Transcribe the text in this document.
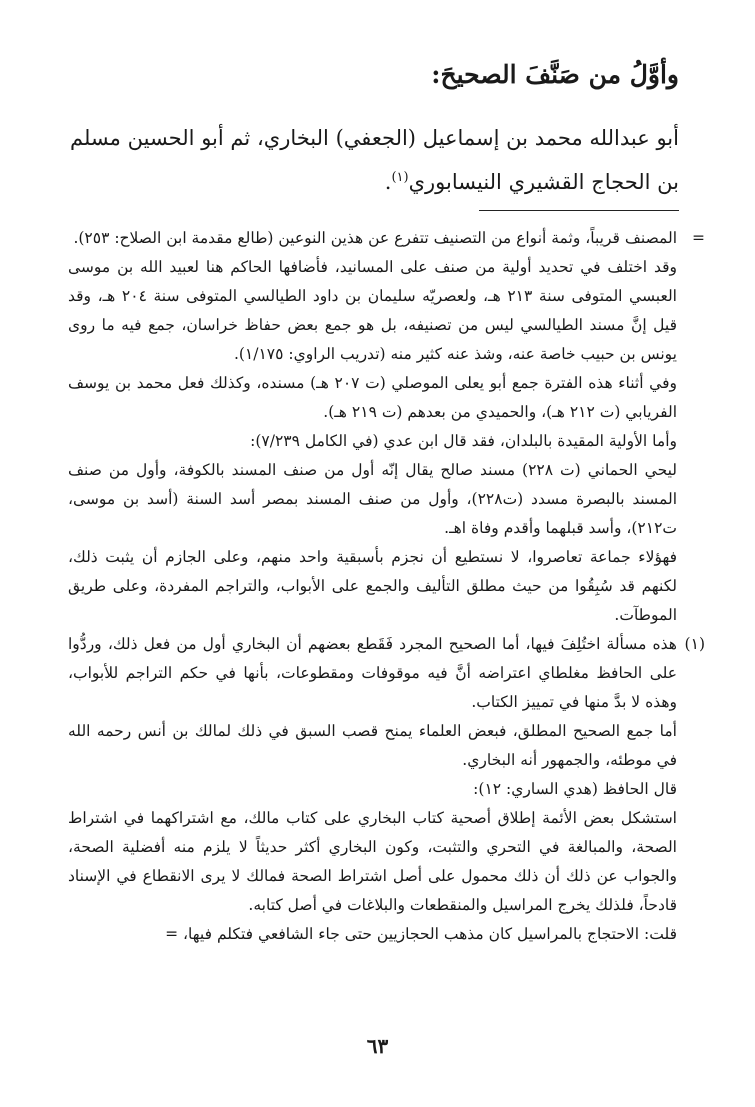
وأوَّلُ من صَنَّفَ الصحيحَ:
أبو عبدالله محمد بن إسماعيل (الجعفي) البخاري، ثم أبو الحسين مسلم بن الحجاج القشيري النيسابوري$^{(١)}$.
=

المصنف قريباً، وثمة أنواع من التصنيف تتفرع عن هذين النوعين (طالع مقدمة ابن الصلاح: ٢٥٣).

وقد اختلف في تحديد أولية من صنف على المسانيد، فأضافها الحاكم هنا لعبيد الله بن موسى العبسي المتوفى سنة ٢١٣ هـ، ولعصريّه سليمان بن داود الطيالسي المتوفى سنة ٢٠٤ هـ، وقد قيل إنَّ مسند الطيالسي ليس من تصنيفه، بل هو جمع بعض حفاظ خراسان، جمع فيه ما روى يونس بن حبيب خاصة عنه، وشذ عنه كثير منه (تدريب الراوي: ١/١٧٥).

وفي أثناء هذه الفترة جمع أبو يعلى الموصلي (ت ٢٠٧ هـ) مسنده، وكذلك فعل محمد بن يوسف الفريابي (ت ٢١٢ هـ)، والحميدي من بعدهم (ت ٢١٩ هـ).

وأما الأولية المقيدة بالبلدان، فقد قال ابن عدي (في الكامل ٧/٢٣٩):

ليحي الحماني (ت ٢٢٨) مسند صالح يقال إنّه أول من صنف المسند بالكوفة، وأول من صنف المسند بالبصرة مسدد (ت٢٢٨)، وأول من صنف المسند بمصر أسد السنة (أسد بن موسى، ت٢١٢)، وأسد قبلهما وأقدم وفاة اهـ.

فهؤلاء جماعة تعاصروا، لا نستطيع أن نجزم بأسبقية واحد منهم، وعلى الجازم أن يثبت ذلك، لكنهم قد سُبِقُوا من حيث مطلق التأليف والجمع على الأبواب، والتراجم المفردة، وعلى طريق الموطآت.

(١)

هذه مسألة اختُلِفَ فيها، أما الصحيح المجرد فَقَطع بعضهم أن البخاري أول من فعل ذلك، وردُّوا على الحافظ مغلطاي اعتراضه أنَّ فيه موقوفات ومقطوعات، بأنها في حكم التراجم للأبواب، وهذه لا بدَّ منها في تمييز الكتاب.

أما جمع الصحيح المطلق، فبعض العلماء يمنح قصب السبق في ذلك لمالك بن أنس رحمه الله في موطئه، والجمهور أنه البخاري.

قال الحافظ (هدي الساري: ١٢):

استشكل بعض الأئمة إطلاق أصحية كتاب البخاري على كتاب مالك، مع اشتراكهما في اشتراط الصحة، والمبالغة في التحري والتثبت، وكون البخاري أكثر حديثاً لا يلزم منه أفضلية الصحة، والجواب عن ذلك أن ذلك محمول على أصل اشتراط الصحة فمالك لا يرى الانقطاع في الإسناد قادحاً، فلذلك يخرج المراسيل والمنقطعات والبلاغات في أصل كتابه.

قلت: الاحتجاج بالمراسيل كان مذهب الحجازيين حتى جاء الشافعي فتكلم فيها، =

٦٣
